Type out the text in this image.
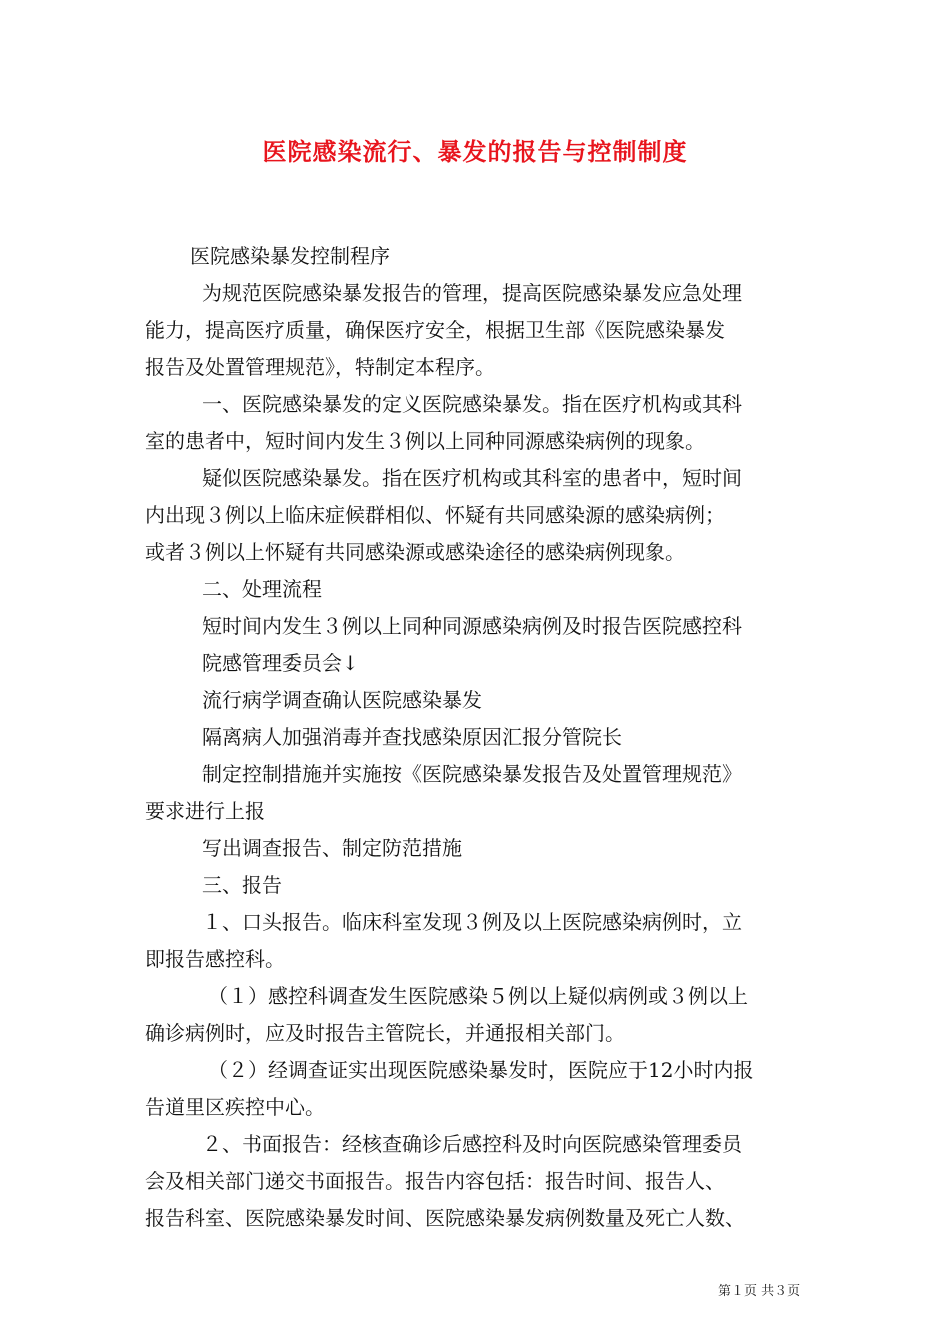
医院感染流行、暴发的报告与控制制度
医院感染暴发控制程序
为规范医院感染暴发报告的管理，提高医院感染暴发应急处理
能力，提高医疗质量，确保医疗安全，根据卫生部《医院感染暴发
报告及处置管理规范》，特制定本程序。
一、医院感染暴发的定义医院感染暴发。指在医疗机构或其科
室的患者中，短时间内发生３例以上同种同源感染病例的现象。
疑似医院感染暴发。指在医疗机构或其科室的患者中，短时间
内出现３例以上临床症候群相似、怀疑有共同感染源的感染病例；
或者３例以上怀疑有共同感染源或感染途径的感染病例现象。
二、处理流程
短时间内发生３例以上同种同源感染病例及时报告医院感控科
院感管理委员会↓
流行病学调查确认医院感染暴发
隔离病人加强消毒并查找感染原因汇报分管院长
制定控制措施并实施按《医院感染暴发报告及处置管理规范》
要求进行上报
写出调查报告、制定防范措施
三、报告
１、口头报告。临床科室发现３例及以上医院感染病例时，立
即报告感控科。
（１）感控科调查发生医院感染５例以上疑似病例或３例以上
确诊病例时，应及时报告主管院长，并通报相关部门。
（２）经调查证实出现医院感染暴发时，医院应于12小时内报
告道里区疾控中心。
２、书面报告：经核查确诊后感控科及时向医院感染管理委员
会及相关部门递交书面报告。报告内容包括：报告时间、报告人、
报告科室、医院感染暴发时间、医院感染暴发病例数量及死亡人数、
第１页 共３页
